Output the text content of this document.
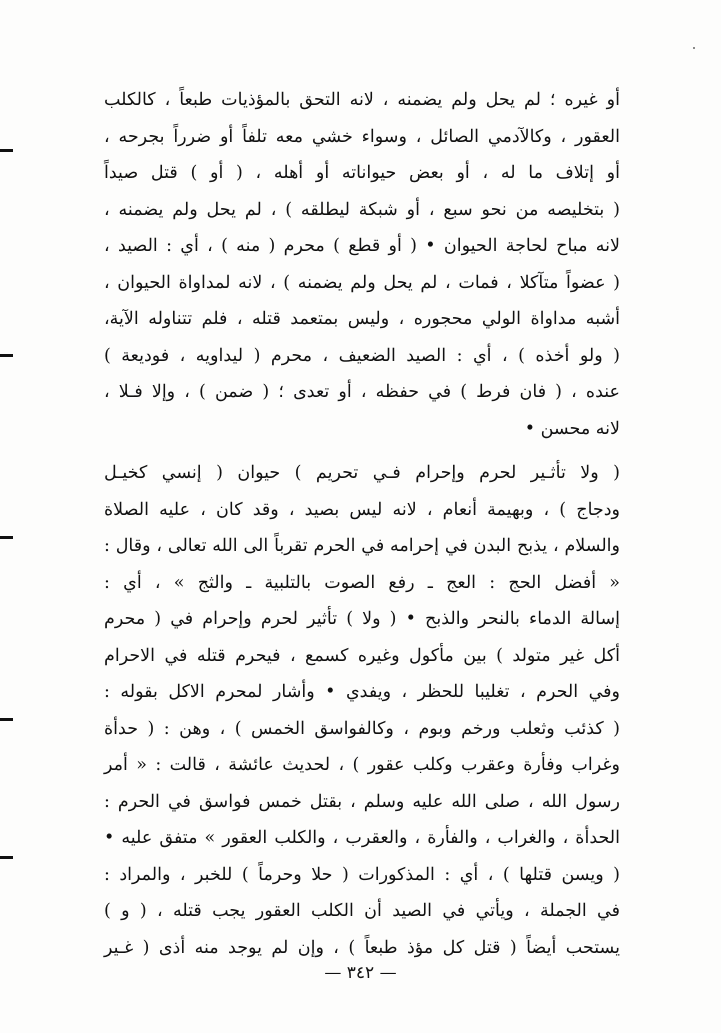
أو غيره ؛ لم يحل ولم يضمنه ، لانه التحق بالمؤذيات طبعاً ، كالكلب
العقور ، وكالآدمي الصائل ، وسواء خشي معه تلفاً أو ضرراً بجرحه ،
أو إتلاف ما له ، أو بعض حيواناته أو أهله ، ( أو ) قتل صيداً
( بتخليصه من نحو سبع ، أو شبكة ليطلقه ) ، لم يحل ولم يضمنه ،
لانه مباح لحاجة الحيوان • ( أو قطع ) محرم ( منه ) ، أي : الصيد ،
( عضواً متآكلا ، فمات ، لم يحل ولم يضمنه ) ، لانه لمداواة الحيوان ،
أشبه مداواة الولي محجوره ، وليس بمتعمد قتله ، فلم تتناوله الآية،
( ولو أخذه ) ، أي : الصيد الضعيف ، محرم ( ليداويه ، فوديعة )
عنده ، ( فان فرط ) في حفظه ، أو تعدى ؛ ( ضمن ) ، وإلا فـلا ،
لانه محسن •
( ولا تأثـير لحرم وإحرام فـي تحريم ) حيوان ( إنسي كخيـل
ودجاج ) ، وبهيمة أنعام ، لانه ليس بصيد ، وقد كان ، عليه الصلاة
والسلام ، يذبح البدن في إحرامه في الحرم تقرباً الى الله تعالى ، وقال :
« أفضل الحج : العج ـ رفع الصوت بالتلبية ـ والثج » ، أي :
إسالة الدماء بالنحر والذبح • ( ولا ) تأثير لحرم وإحرام في ( محرم
أكل غير متولد ) بين مأكول وغيره كسمع ، فيحرم قتله في الاحرام
وفي الحرم ، تغليبا للحظر ، ويفدي • وأشار لمحرم الاكل بقوله :
( كذئب وثعلب ورخم وبوم ، وكالفواسق الخمس ) ، وهن : ( حدأة
وغراب وفأرة وعقرب وكلب عقور ) ، لحديث عائشة ، قالت : « أمر
رسول الله ، صلى الله عليه وسلم ، بقتل خمس فواسق في الحرم :
الحدأة ، والغراب ، والفأرة ، والعقرب ، والكلب العقور » متفق عليه •
( ويسن قتلها ) ، أي : المذكورات ( حلا وحرماً ) للخبر ، والمراد :
في الجملة ، ويأتي في الصيد أن الكلب العقور يجب قتله ، ( و )
يستحب أيضاً ( قتل كل مؤذ طبعاً ) ، وإن لم يوجد منه أذى ( غـير
— ٣٤٢ —
